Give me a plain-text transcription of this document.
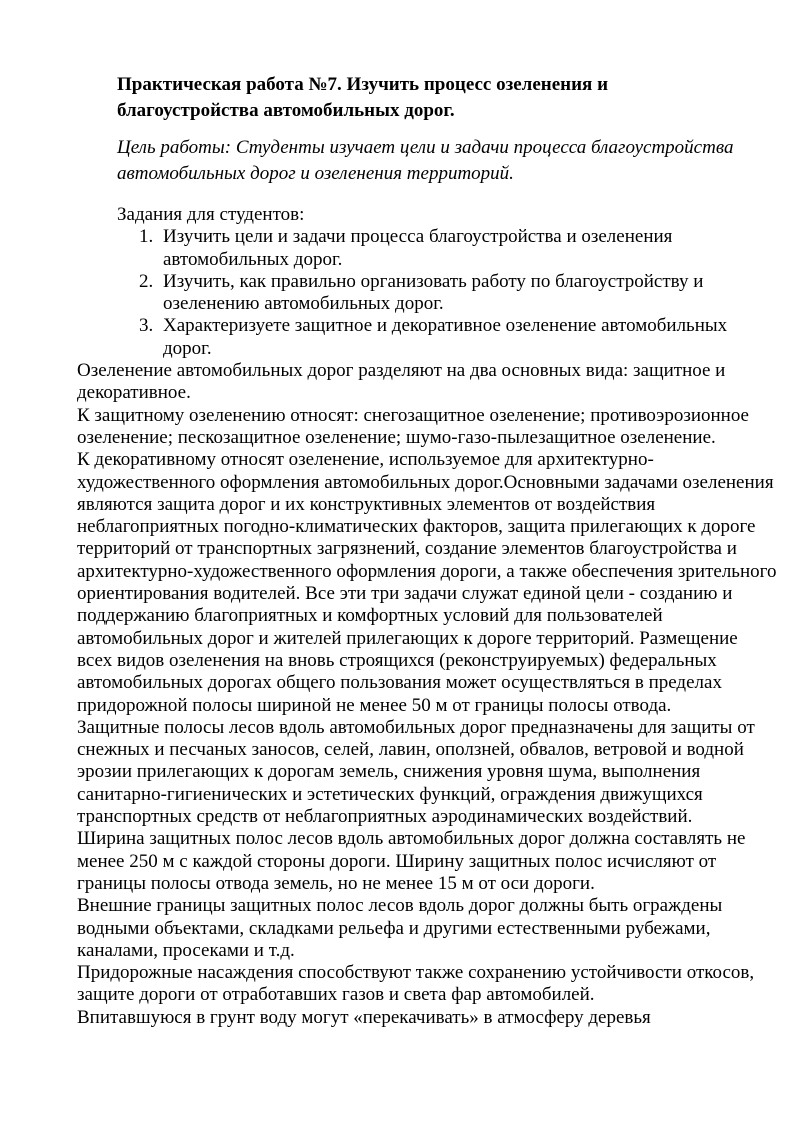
Практическая работа №7. Изучить процесс озеленения и благоустройства автомобильных дорог.
Цель работы: Студенты изучает цели и задачи процесса благоустройства автомобильных дорог и озеленения территорий.
Задания для студентов:
1. Изучить цели и задачи процесса благоустройства и озеленения автомобильных дорог.
2. Изучить, как правильно организовать работу по благоустройству и озеленению автомобильных дорог.
3. Характеризуете защитное и декоративное озеленение автомобильных дорог.

Озеленение автомобильных дорог разделяют на два основных вида: защитное и декоративное.

К защитному озеленению относят: снегозащитное озеленение; противоэрозионное озеленение; пескозащитное озеленение; шумо-газо-пылезащитное озеленение.

К декоративному относят озеленение, используемое для архитектурно-художественного оформления автомобильных дорог.Основными задачами озеленения являются защита дорог и их конструктивных элементов от воздействия неблагоприятных погодно-климатических факторов, защита прилегающих к дороге территорий от транспортных загрязнений, создание элементов благоустройства и архитектурно-художественного оформления дороги, а также обеспечения зрительного ориентирования водителей. Все эти три задачи служат единой цели - созданию и поддержанию благоприятных и комфортных условий для пользователей автомобильных дорог и жителей прилегающих к дороге территорий. Размещение всех видов озеленения на вновь строящихся (реконструируемых) федеральных автомобильных дорогах общего пользования может осуществляться в пределах придорожной полосы шириной не менее 50 м от границы полосы отвода.

Защитные полосы лесов вдоль автомобильных дорог предназначены для защиты от снежных и песчаных заносов, селей, лавин, оползней, обвалов, ветровой и водной эрозии прилегающих к дорогам земель, снижения уровня шума, выполнения санитарно-гигиенических и эстетических функций, ограждения движущихся транспортных средств от неблагоприятных аэродинамических воздействий.

Ширина защитных полос лесов вдоль автомобильных дорог должна составлять не менее 250 м с каждой стороны дороги. Ширину защитных полос исчисляют от границы полосы отвода земель, но не менее 15 м от оси дороги.

Внешние границы защитных полос лесов вдоль дорог должны быть ограждены водными объектами, складками рельефа и другими естественными рубежами, каналами, просеками и т.д.

Придорожные насаждения способствуют также сохранению устойчивости откосов, защите дороги от отработавших газов и света фар автомобилей.

Впитавшуюся в грунт воду могут «перекачивать» в атмосферу деревья
